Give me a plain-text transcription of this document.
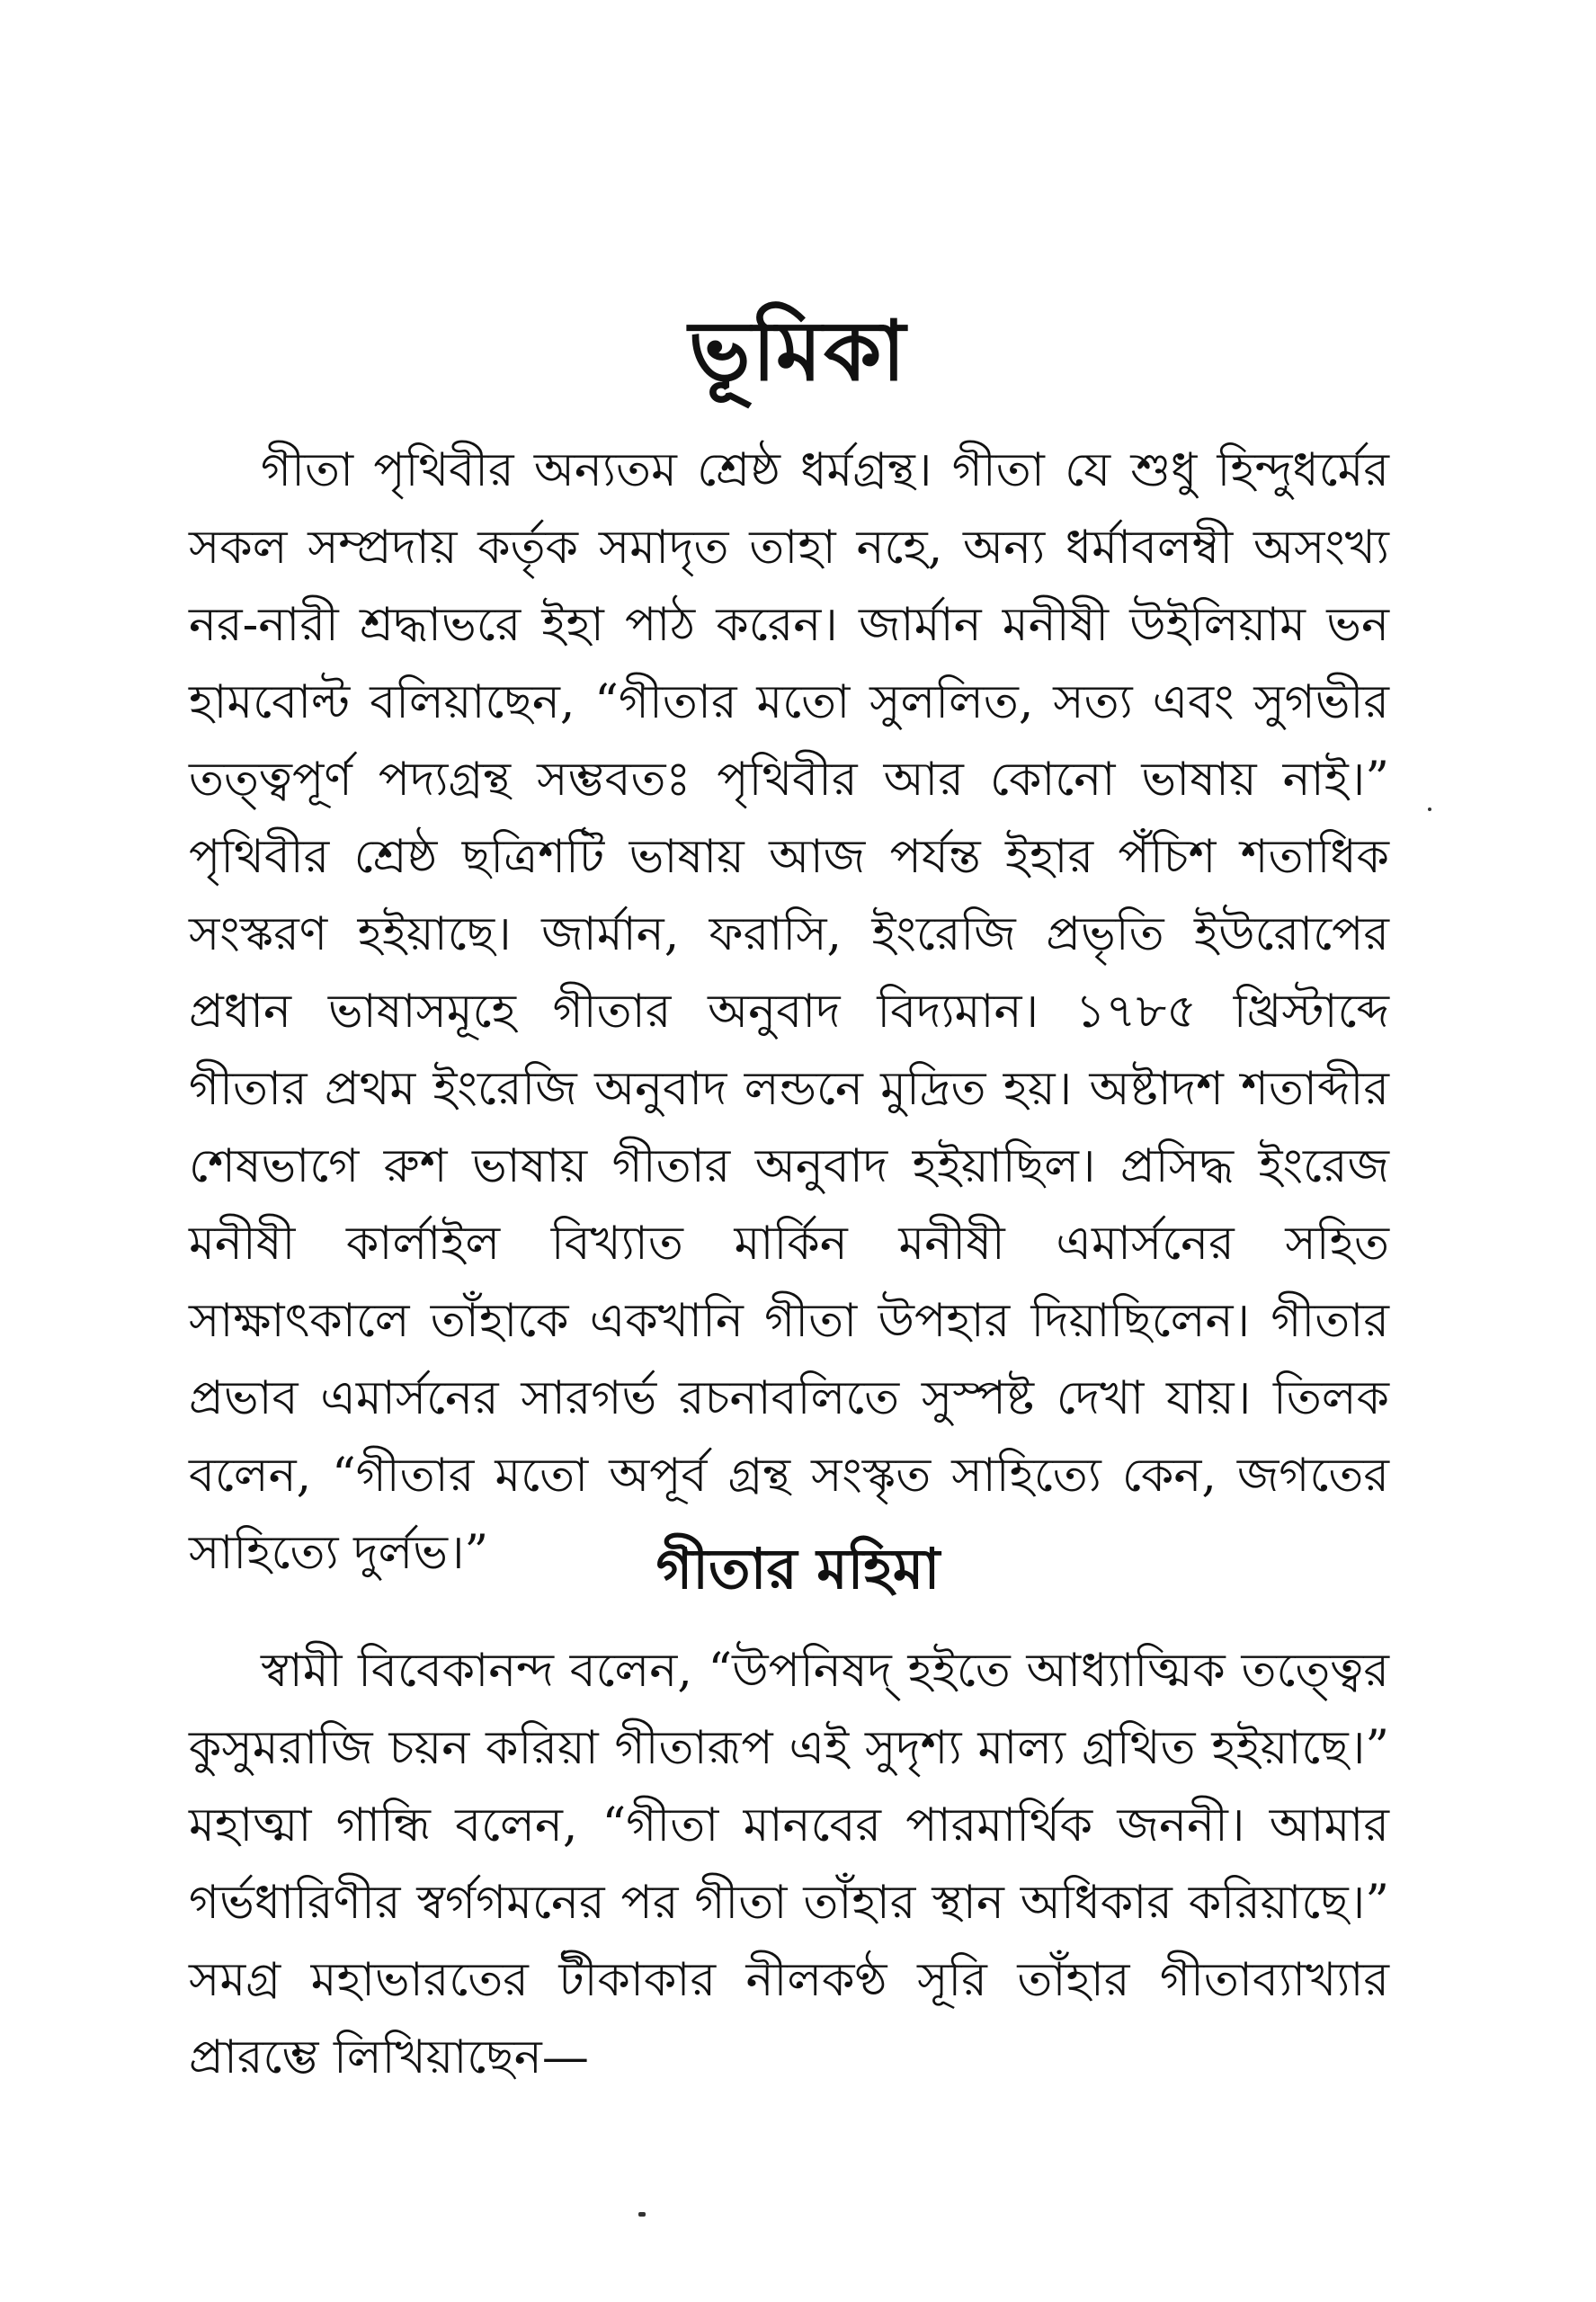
ভূমিকা

গীতা পৃথিবীর অন্যতম শ্রেষ্ঠ ধর্মগ্রন্থ। গীতা যে শুধু হিন্দুধর্মের সকল সম্প্রদায় কর্তৃক সমাদৃত তাহা নহে, অন্য ধর্মাবলম্বী অসংখ্য নর-নারী শ্রদ্ধাভরে ইহা পাঠ করেন। জার্মান মনীষী উইলিয়াম ভন হামবোল্ট বলিয়াছেন, “গীতার মতো সুললিত, সত্য এবং সুগভীর তত্ত্বপূর্ণ পদ্যগ্রন্থ সম্ভবতঃ পৃথিবীর আর কোনো ভাষায় নাই।” পৃথিবীর শ্রেষ্ঠ ছত্রিশটি ভাষায় আজ পর্যন্ত ইহার পঁচিশ শতাধিক সংস্করণ হইয়াছে। জার্মান, ফরাসি, ইংরেজি প্রভৃতি ইউরোপের প্রধান ভাষাসমূহে গীতার অনুবাদ বিদ্যমান। ১৭৮৫ খ্রিস্টাব্দে গীতার প্রথম ইংরেজি অনুবাদ লন্ডনে মুদ্রিত হয়। অষ্টাদশ শতাব্দীর শেষভাগে রুশ ভাষায় গীতার অনুবাদ হইয়াছিল। প্রসিদ্ধ ইংরেজ মনীষী কার্লাইল বিখ্যাত মার্কিন মনীষী এমার্সনের সহিত সাক্ষাৎকালে তাঁহাকে একখানি গীতা উপহার দিয়াছিলেন। গীতার প্রভাব এমার্সনের সারগর্ভ রচনাবলিতে সুস্পষ্ট দেখা যায়। তিলক বলেন, “গীতার মতো অপূর্ব গ্রন্থ সংস্কৃত সাহিত্যে কেন, জগতের সাহিত্যে দুর্লভ।”	গীতার মহিমা

স্বামী বিবেকানন্দ বলেন, “উপনিষদ্‌ হইতে আধ্যাত্মিক তত্ত্বের কুসুমরাজি চয়ন করিয়া গীতারূপ এই সুদৃশ্য মাল্য গ্রথিত হইয়াছে।” মহাত্মা গান্ধি বলেন, “গীতা মানবের পারমার্থিক জননী। আমার গর্ভধারিণীর স্বর্গগমনের পর গীতা তাঁহার স্থান অধিকার করিয়াছে।” সমগ্র মহাভারতের টীকাকার নীলকণ্ঠ সূরি তাঁহার গীতাব্যাখ্যার প্রারম্ভে লিখিয়াছেন—
